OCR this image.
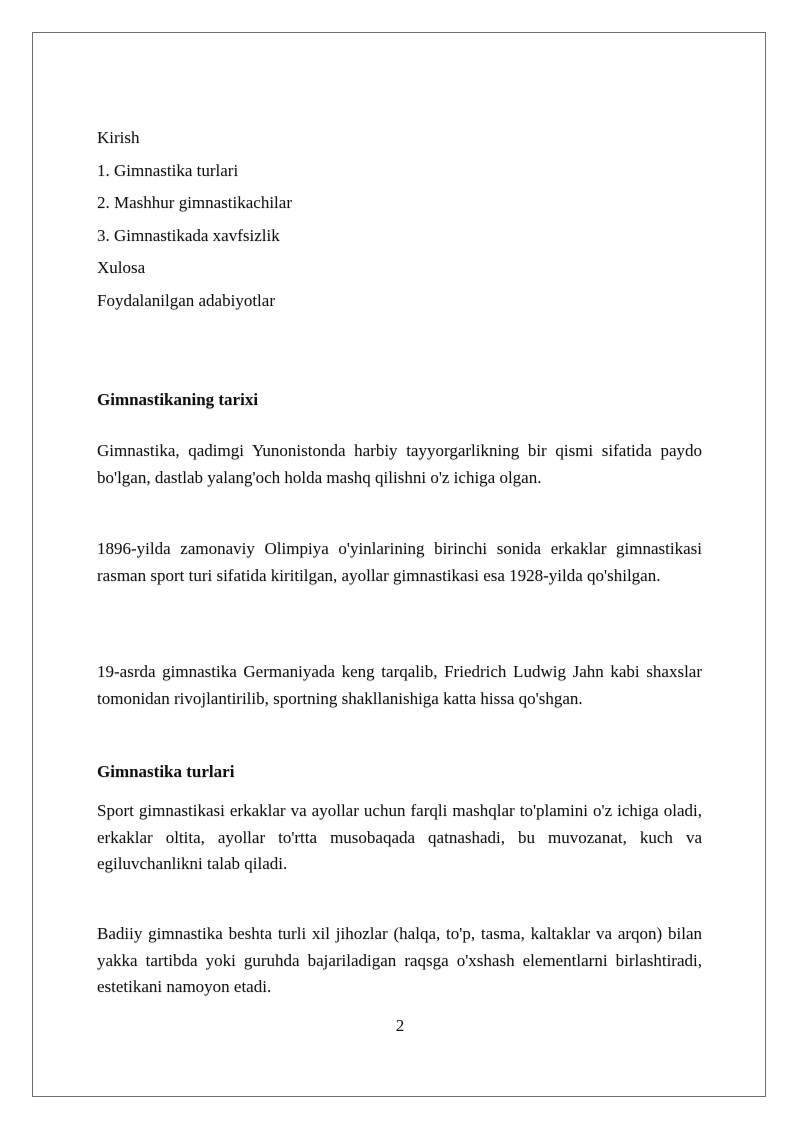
Kirish
1. Gimnastika turlari
2. Mashhur gimnastikachilar
3. Gimnastikada xavfsizlik
Xulosa
Foydalanilgan adabiyotlar
Gimnastikaning tarixi
Gimnastika, qadimgi Yunonistonda harbiy tayyorgarlikning bir qismi sifatida paydo bo'lgan, dastlab yalang'och holda mashq qilishni o'z ichiga olgan.
1896-yilda zamonaviy Olimpiya o'yinlarining birinchi sonida erkaklar gimnastikasi rasman sport turi sifatida kiritilgan, ayollar gimnastikasi esa 1928-yilda qo'shilgan.
19-asrda gimnastika Germaniyada keng tarqalib, Friedrich Ludwig Jahn kabi shaxslar tomonidan rivojlantirilib, sportning shakllanishiga katta hissa qo'shgan.
Gimnastika turlari
Sport gimnastikasi erkaklar va ayollar uchun farqli mashqlar to'plamini o'z ichiga oladi, erkaklar oltita, ayollar to'rtta musobaqada qatnashadi, bu muvozanat, kuch va egiluvchanlikni talab qiladi.
Badiiy gimnastika beshta turli xil jihozlar (halqa, to'p, tasma, kaltaklar va arqon) bilan yakka tartibda yoki guruhda bajariladigan raqsga o'xshash elementlarni birlashtiradi, estetikani namoyon etadi.
2
